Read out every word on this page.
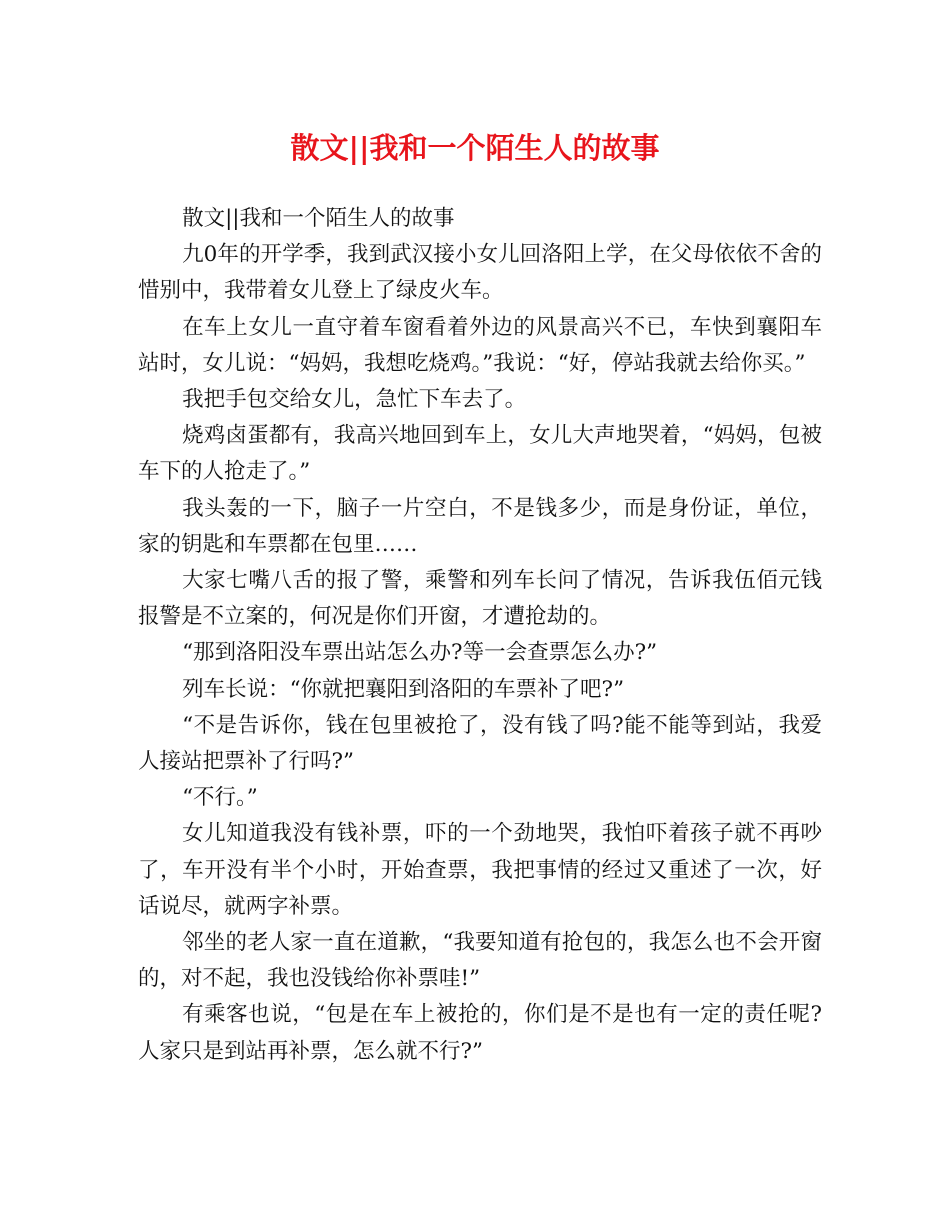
散文||我和一个陌生人的故事

散文||我和一个陌生人的故事

九0年的开学季，我到武汉接小女儿回洛阳上学，在父母依依不舍的惜别中，我带着女儿登上了绿皮火车。

在车上女儿一直守着车窗看着外边的风景高兴不已，车快到襄阳车站时，女儿说：“妈妈，我想吃烧鸡。”我说：“好，停站我就去给你买。”

我把手包交给女儿，急忙下车去了。

烧鸡卤蛋都有，我高兴地回到车上，女儿大声地哭着，“妈妈，包被车下的人抢走了。”

我头轰的一下，脑子一片空白，不是钱多少，而是身份证，单位，家的钥匙和车票都在包里……

大家七嘴八舌的报了警，乘警和列车长问了情况，告诉我伍佰元钱报警是不立案的，何况是你们开窗，才遭抢劫的。

“那到洛阳没车票出站怎么办?等一会查票怎么办?”

列车长说：“你就把襄阳到洛阳的车票补了吧?”

“不是告诉你，钱在包里被抢了，没有钱了吗?能不能等到站，我爱人接站把票补了行吗?”

“不行。”

女儿知道我没有钱补票，吓的一个劲地哭，我怕吓着孩子就不再吵了，车开没有半个小时，开始查票，我把事情的经过又重述了一次，好话说尽，就两字补票。

邻坐的老人家一直在道歉，“我要知道有抢包的，我怎么也不会开窗的，对不起，我也没钱给你补票哇!”

有乘客也说，“包是在车上被抢的，你们是不是也有一定的责任呢?人家只是到站再补票，怎么就不行?”
